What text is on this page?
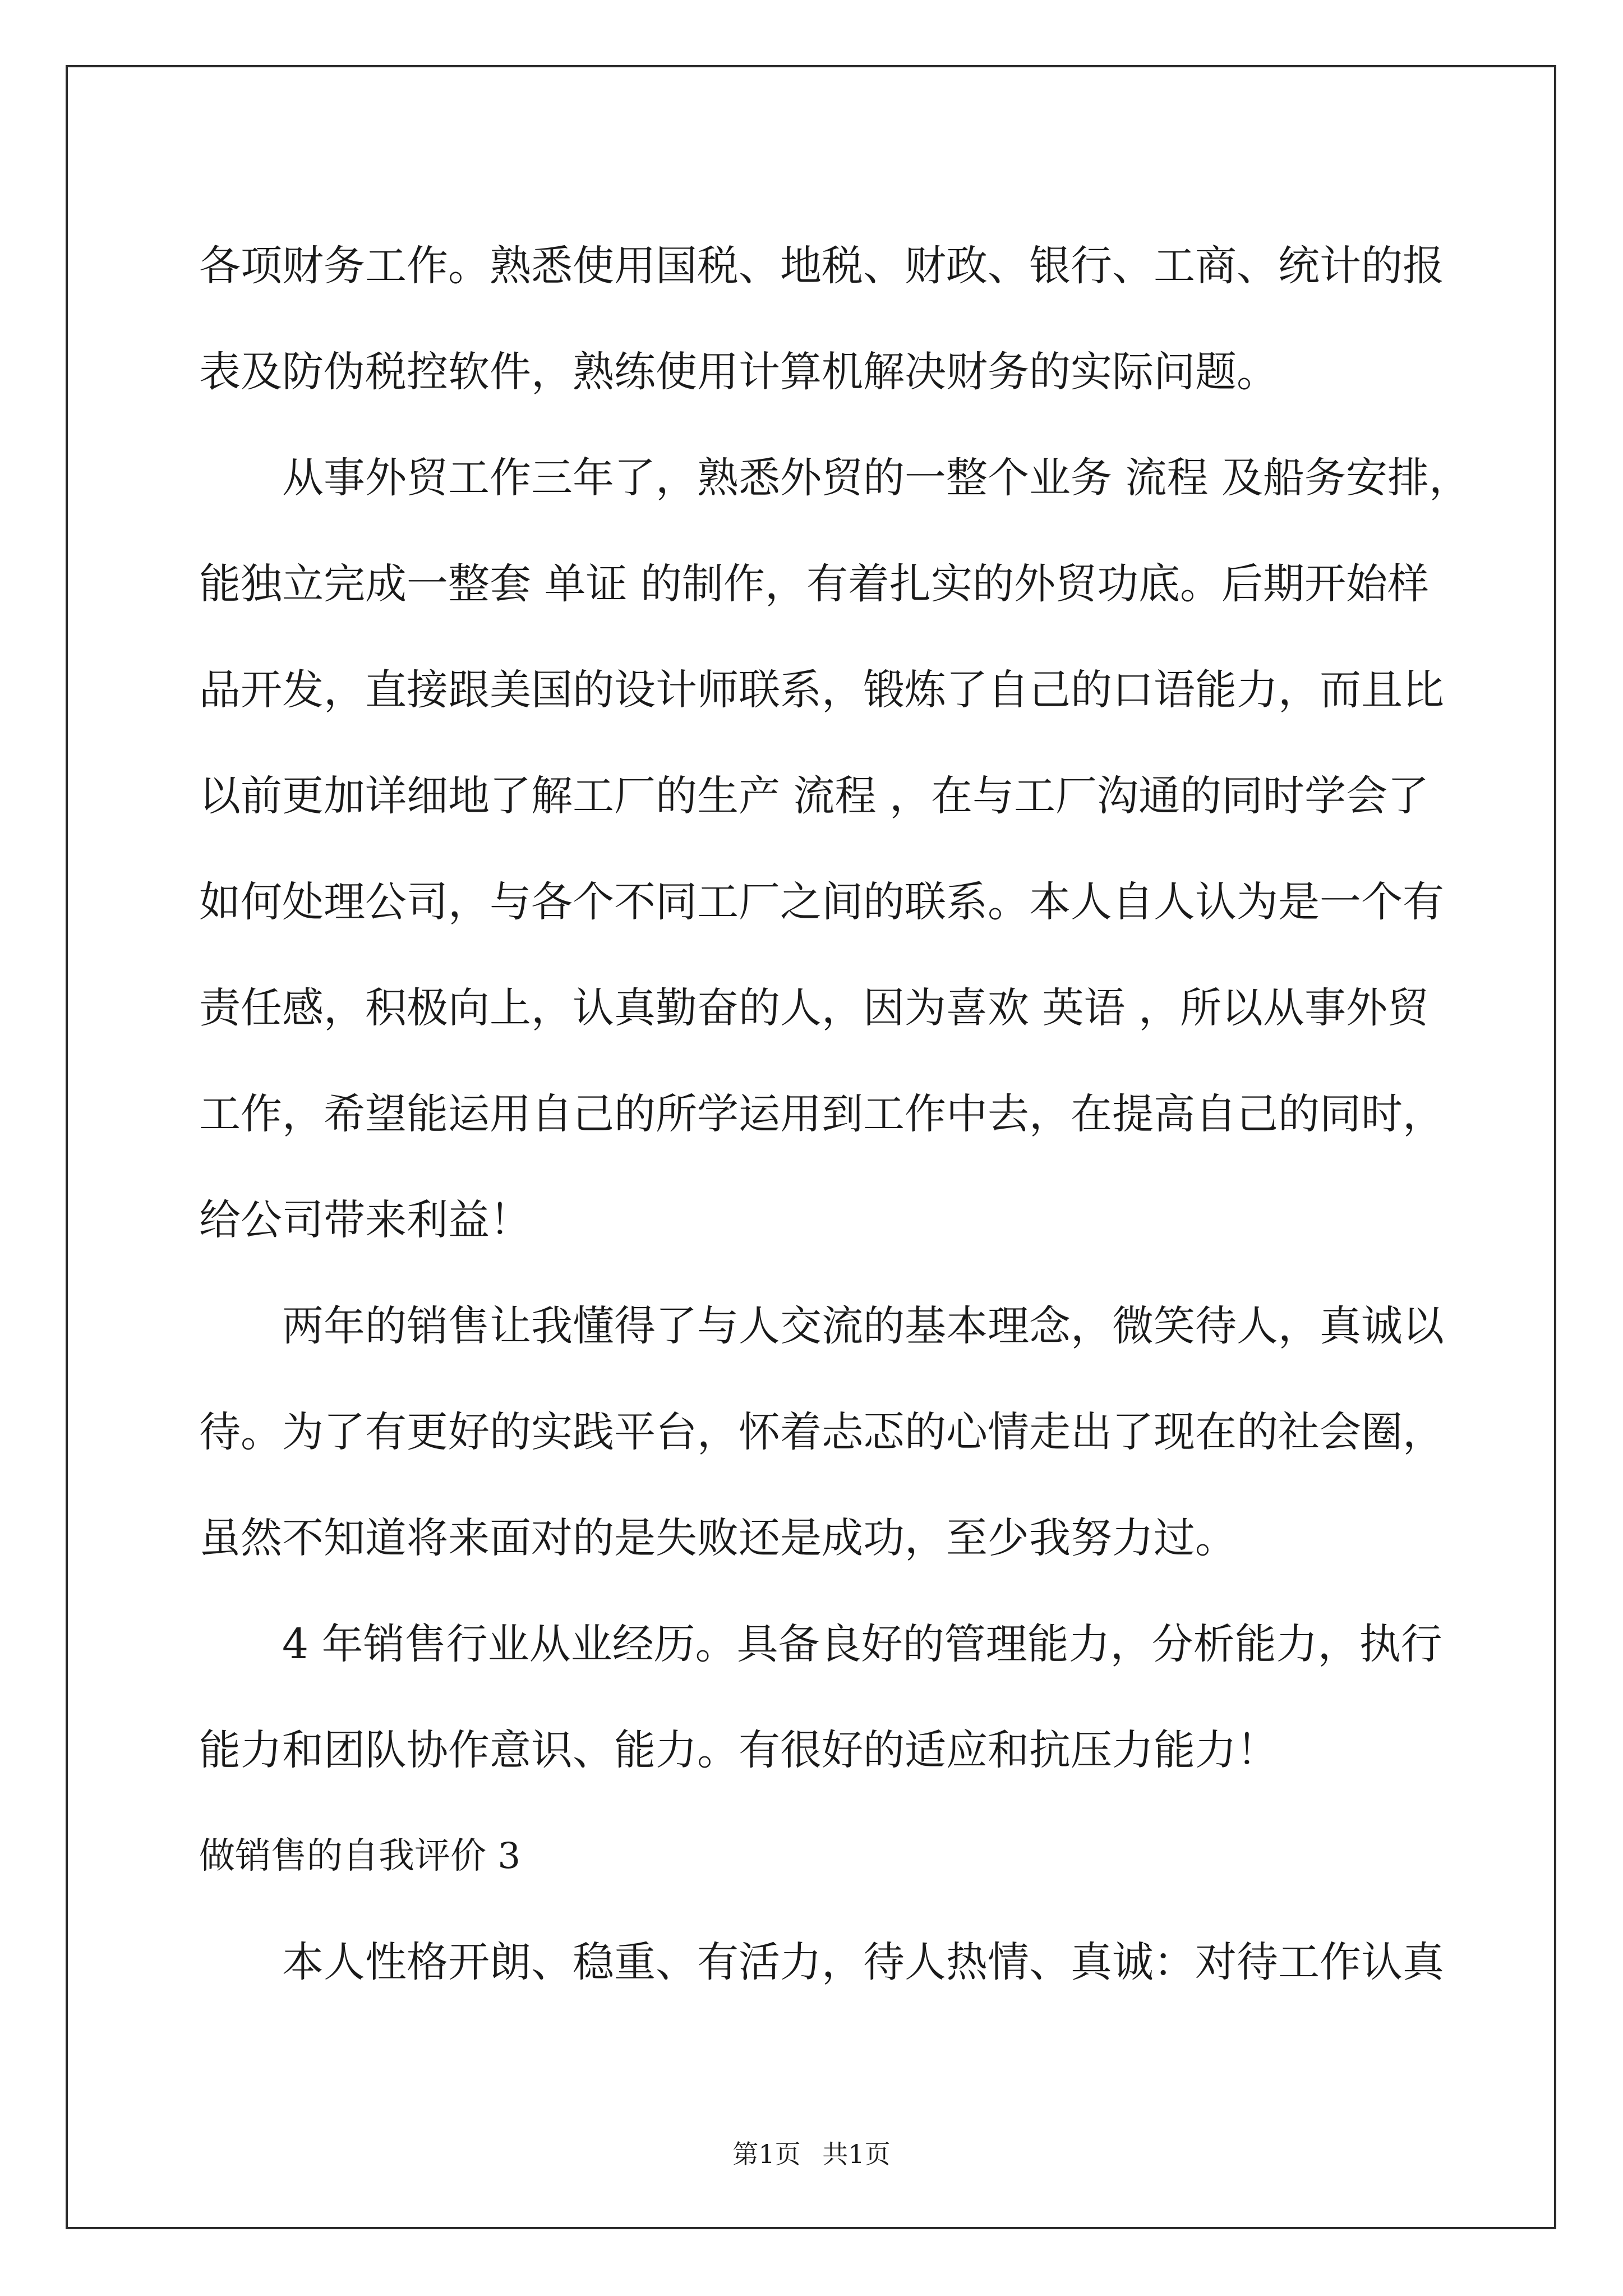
各项财务工作。熟悉使用国税、地税、财政、银行、工商、统计的报
表及防伪税控软件，熟练使用计算机解决财务的实际问题。
从事外贸工作三年了，熟悉外贸的一整个业务 流程 及船务安排，
能独立完成一整套 单证 的制作，有着扎实的外贸功底。后期开始样
品开发，直接跟美国的设计师联系，锻炼了自己的口语能力，而且比
以前更加详细地了解工厂的生产 流程 ，在与工厂沟通的同时学会了
如何处理公司，与各个不同工厂之间的联系。本人自人认为是一个有
责任感，积极向上，认真勤奋的人，因为喜欢 英语 ，所以从事外贸
工作，希望能运用自己的所学运用到工作中去，在提高自己的同时，
给公司带来利益！
两年的销售让我懂得了与人交流的基本理念，微笑待人，真诚以
待。为了有更好的实践平台，怀着忐忑的心情走出了现在的社会圈，
虽然不知道将来面对的是失败还是成功，至少我努力过。
4 年销售行业从业经历。具备良好的管理能力，分析能力，执行
能力和团队协作意识、能力。有很好的适应和抗压力能力！
做销售的自我评价 3
本人性格开朗、稳重、有活力，待人热情、真诚：对待工作认真
第1页 共1页
